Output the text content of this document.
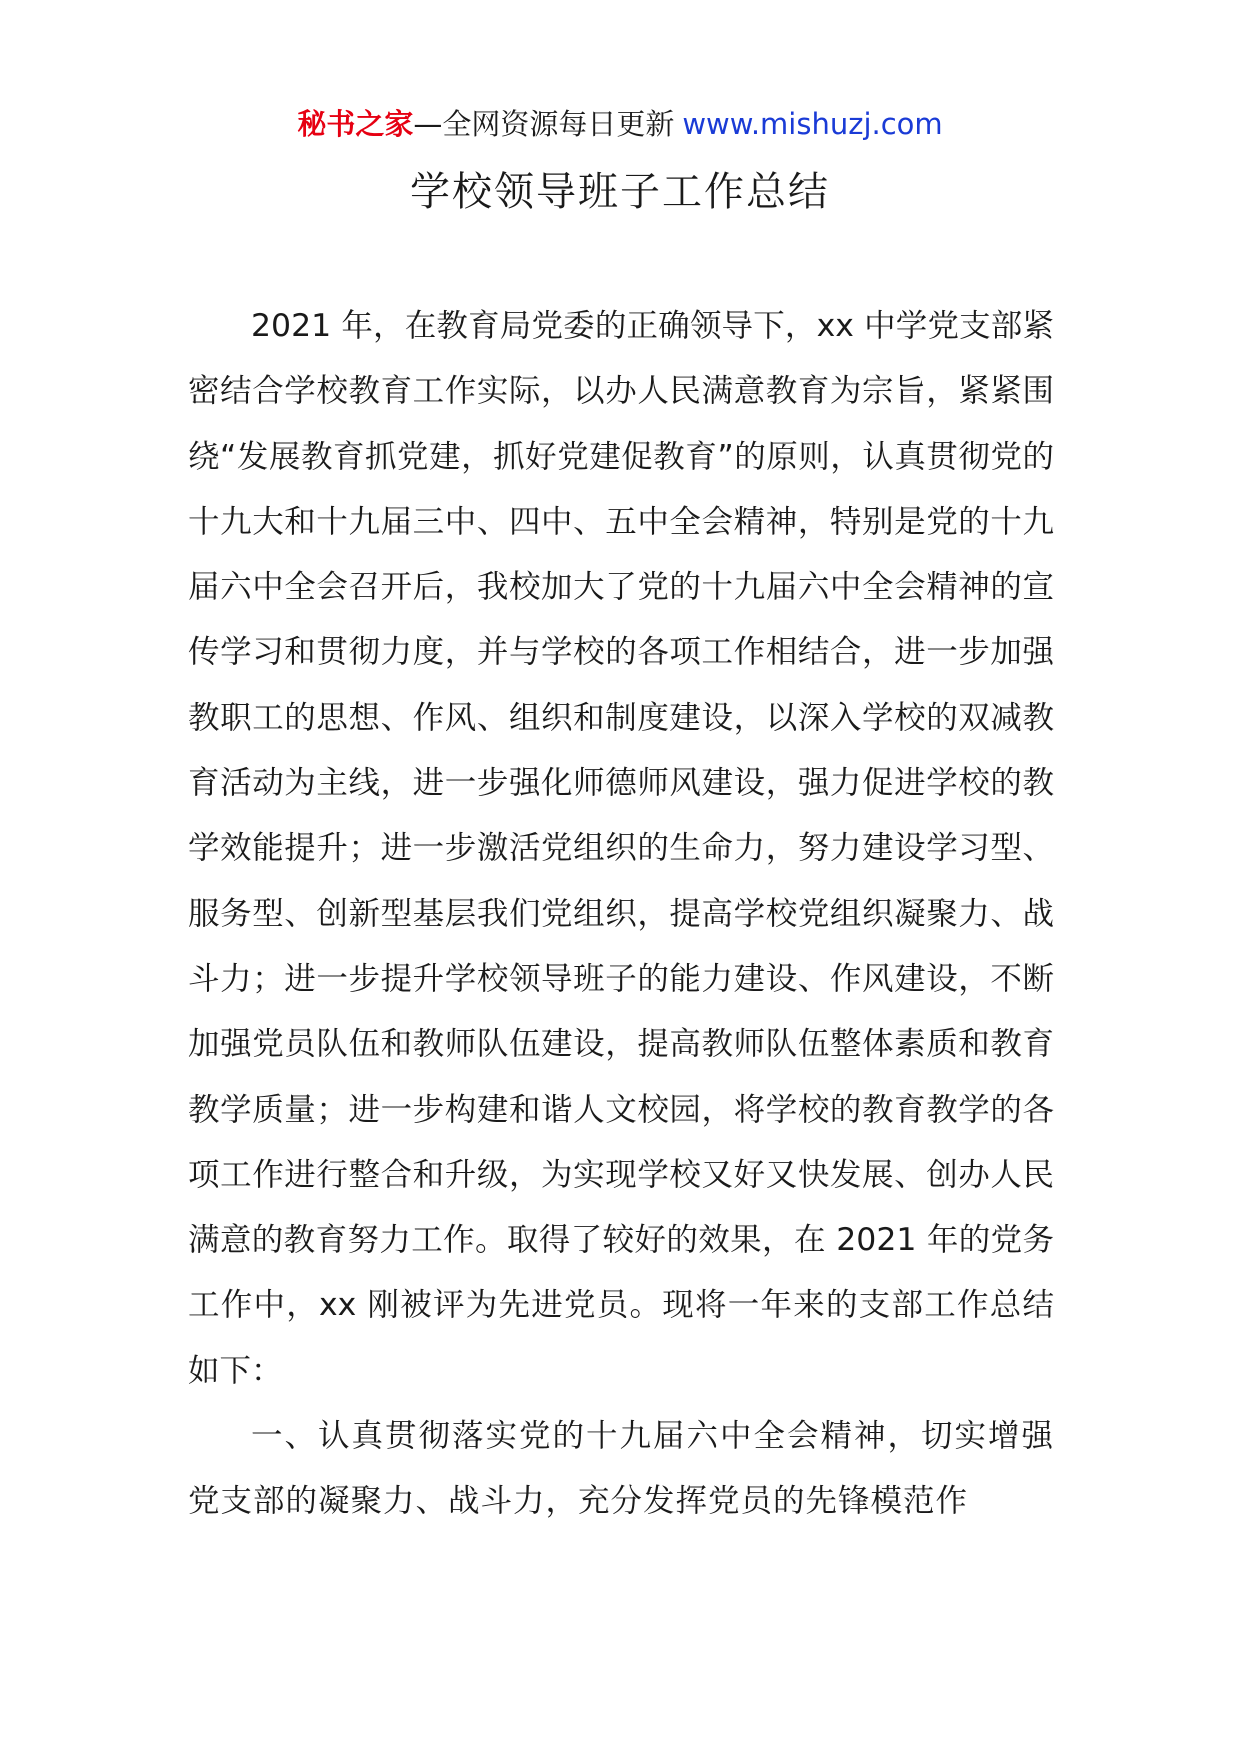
秘书之家—全网资源每日更新 www.mishuzj.com
学校领导班子工作总结

2021 年，在教育局党委的正确领导下，xx 中学党支部紧密结合学校教育工作实际，以办人民满意教育为宗旨，紧紧围绕“发展教育抓党建，抓好党建促教育”的原则，认真贯彻党的十九大和十九届三中、四中、五中全会精神，特别是党的十九届六中全会召开后，我校加大了党的十九届六中全会精神的宣传学习和贯彻力度，并与学校的各项工作相结合，进一步加强教职工的思想、作风、组织和制度建设，以深入学校的双减教育活动为主线，进一步强化师德师风建设，强力促进学校的教学效能提升；进一步激活党组织的生命力，努力建设学习型、服务型、创新型基层我们党组织，提高学校党组织凝聚力、战斗力；进一步提升学校领导班子的能力建设、作风建设，不断加强党员队伍和教师队伍建设，提高教师队伍整体素质和教育教学质量；进一步构建和谐人文校园，将学校的教育教学的各项工作进行整合和升级，为实现学校又好又快发展、创办人民满意的教育努力工作。取得了较好的效果，在 2021 年的党务工作中，xx 刚被评为先进党员。现将一年来的支部工作总结如下：

一、认真贯彻落实党的十九届六中全会精神，切实增强党支部的凝聚力、战斗力，充分发挥党员的先锋模范作
